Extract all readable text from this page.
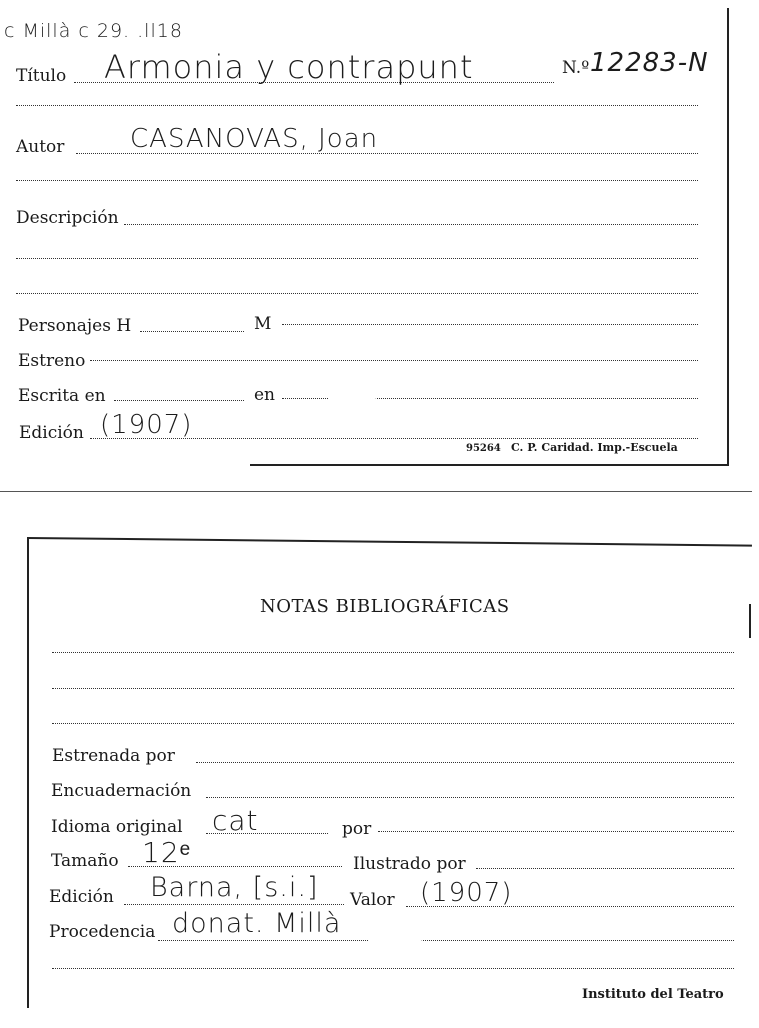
c Millà c 29. .ll18
Título Armonia y contrapunt	N.º 12283-N
Autor	CASANOVAS, Joan
Descripción
Personajes H	M
Estreno
Escrita en	en
Edición (1907)
95264 C. P. Caridad. Imp.-Escuela
NOTAS BIBLIOGRÁFICAS
Estrenada por
Encuadernación
Idioma original cat	por
Tamaño 12ᵉ	Ilustrado por
Edición Barna, [s.i.] Valor (1907)
Procedencia donat. Millà
Instituto del Teatro
